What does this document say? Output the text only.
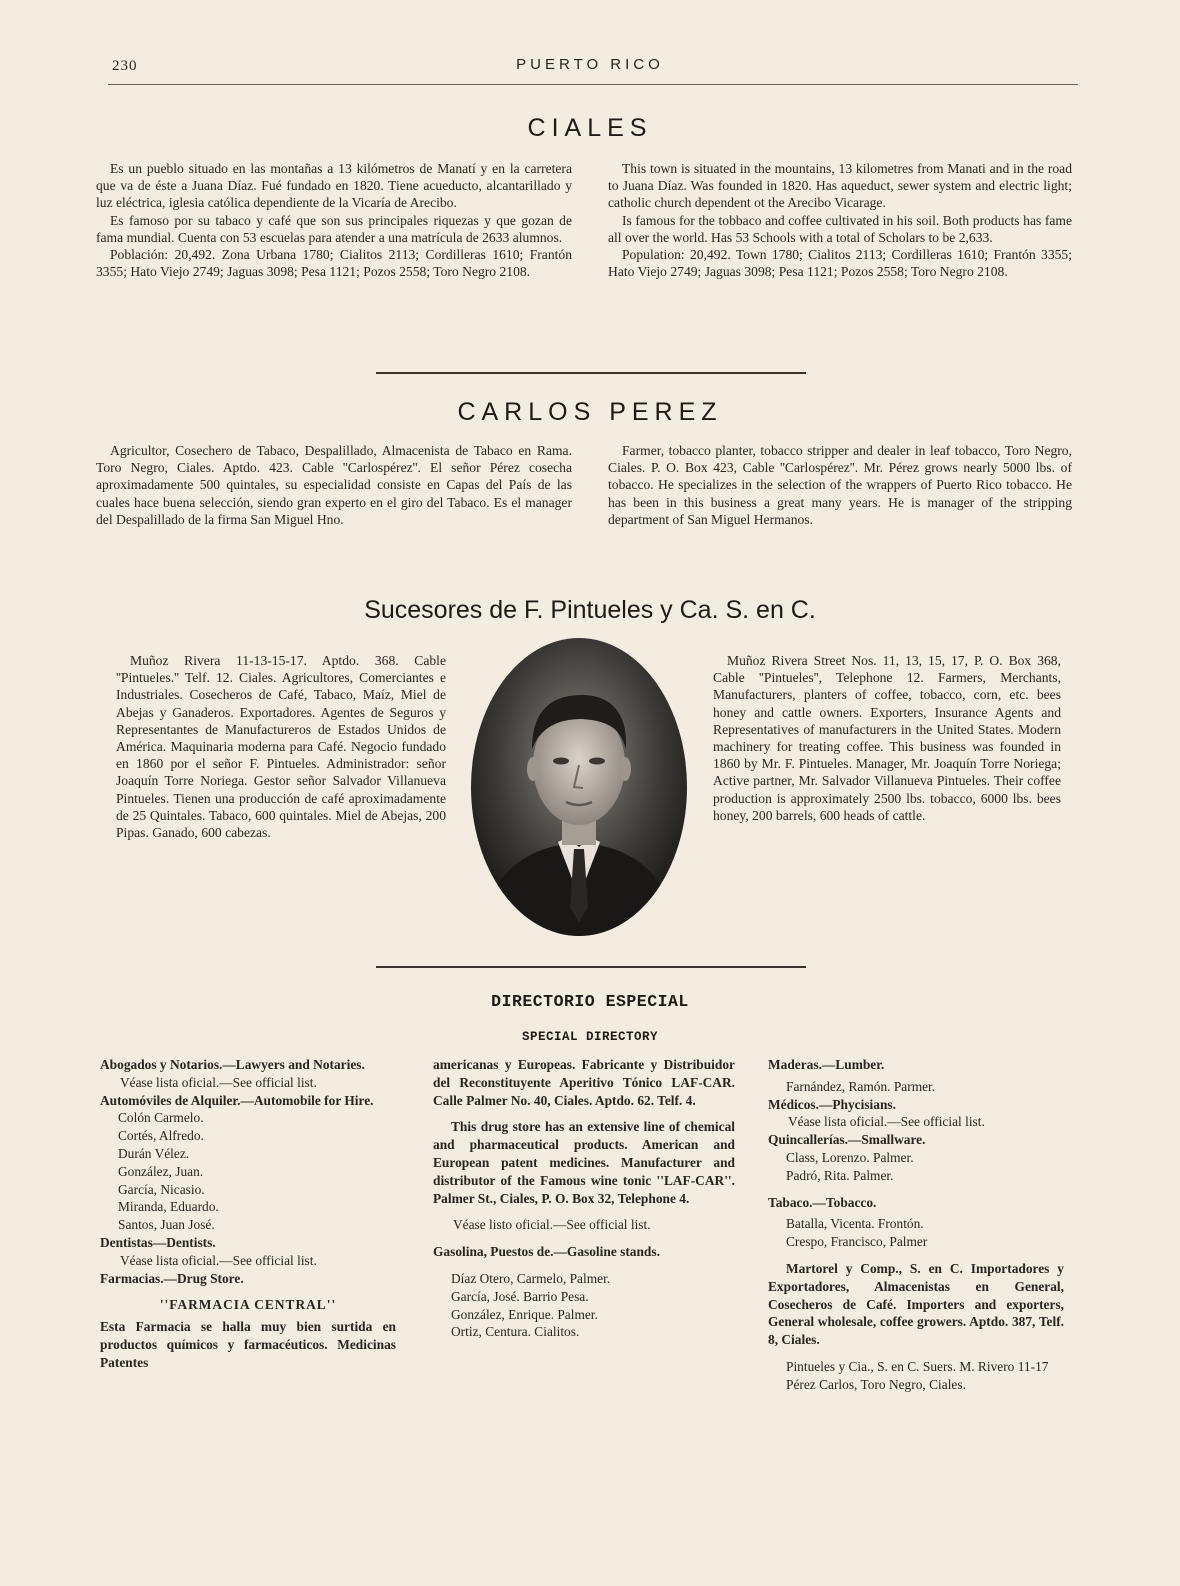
230	PUERTO RICO
CIALES

Es un pueblo situado en las montañas a 13 kilómetros de Manatí y en la carretera que va de éste a Juana Díaz. Fué fundado en 1820. Tiene acueducto, alcantarillado y luz eléctrica, iglesia católica dependiente de la Vicaría de Arecibo.

Es famoso por su tabaco y café que son sus principales riquezas y que gozan de fama mundial. Cuenta con 53 escuelas para atender a una matrícula de 2633 alumnos.

Población: 20,492. Zona Urbana 1780; Cialitos 2113; Cordilleras 1610; Frantón 3355; Hato Viejo 2749; Jaguas 3098; Pesa 1121; Pozos 2558; Toro Negro 2108.

This town is situated in the mountains, 13 kilometres from Manati and in the road to Juana Díaz. Was founded in 1820. Has aqueduct, sewer system and electric light; catholic church dependent ot the Arecibo Vicarage.

Is famous for the tobbaco and coffee cultivated in his soil. Both products has fame all over the world. Has 53 Schools with a total of Scholars to be 2,633.

Population: 20,492. Town 1780; Cialitos 2113; Cordilleras 1610; Frantón 3355; Hato Viejo 2749; Jaguas 3098; Pesa 1121; Pozos 2558; Toro Negro 2108.

CARLOS PEREZ

Agricultor, Cosechero de Tabaco, Despalillado, Almacenista de Tabaco en Rama. Toro Negro, Ciales. Aptdo. 423. Cable ''Carlospérez''. El señor Pérez cosecha aproximadamente 500 quintales, su especialidad consiste en Capas del País de las cuales hace buena selección, siendo gran experto en el giro del Tabaco. Es el manager del Despalillado de la firma San Miguel Hno.

Farmer, tobacco planter, tobacco stripper and dealer in leaf tobacco, Toro Negro, Ciales. P. O. Box 423, Cable ''Carlospérez''. Mr. Pérez grows nearly 5000 lbs. of tobacco. He specializes in the selection of the wrappers of Puerto Rico tobacco. He has been in this business a great many years. He is manager of the stripping department of San Miguel Hermanos.

Sucesores de F. Pintueles y Ca. S. en C.

Muñoz Rivera 11-13-15-17. Aptdo. 368. Cable ''Pintueles.'' Telf. 12. Ciales. Agricultores, Comerciantes e Industriales. Cosecheros de Café, Tabaco, Maíz, Miel de Abejas y Ganaderos. Exportadores. Agentes de Seguros y Representantes de Manufactureros de Estados Unidos de América. Maquinaria moderna para Café. Negocio fundado en 1860 por el señor F. Pintueles. Administrador: señor Joaquín Torre Noriega. Gestor señor Salvador Villanueva Pintueles. Tienen una producción de café aproximadamente de 25 Quintales. Tabaco, 600 quintales. Miel de Abejas, 200 Pipas. Ganado, 600 cabezas.

Muñoz Rivera Street Nos. 11, 13, 15, 17, P. O. Box 368, Cable ''Pintueles'', Telephone 12. Farmers, Merchants, Manufacturers, planters of coffee, tobacco, corn, etc. bees honey and cattle owners. Exporters, Insurance Agents and Representatives of manufacturers in the United States. Modern machinery for treating coffee. This business was founded in 1860 by Mr. F. Pintueles. Manager, Mr. Joaquín Torre Noriega; Active partner, Mr. Salvador Villanueva Pintueles. Their coffee production is approximately 2500 lbs. tobacco, 6000 lbs. bees honey, 200 barrels, 600 heads of cattle.

DIRECTORIO ESPECIAL
SPECIAL DIRECTORY
Abogados y Notarios.—Lawyers and Notaries.
Véase lista oficial.—See official list.
Automóviles de Alquiler.—Automobile for Hire.
Colón Carmelo.
Cortés, Alfredo.
Durán Vélez.
González, Juan.
García, Nicasio.
Miranda, Eduardo.
Santos, Juan José.
Dentistas—Dentists.
Véase lista oficial.—See official list.
Farmacias.—Drug Store.
''FARMACIA CENTRAL''
Esta Farmacia se halla muy bien surtida en productos químicos y farmacéuticos. Medicinas Patentes
americanas y Europeas. Fabricante y Distribuidor del Reconstituyente Aperitivo Tónico LAF-CAR. Calle Palmer No. 40, Ciales. Aptdo. 62. Telf. 4.
This drug store has an extensive line of chemical and pharmaceutical products. American and European patent medicines. Manufacturer and distributor of the Famous wine tonic ''LAF-CAR''. Palmer St., Ciales, P. O. Box 32, Telephone 4.
Véase listo oficial.—See official list.
Gasolina, Puestos de.—Gasoline stands.
Díaz Otero, Carmelo, Palmer.
García, José. Barrio Pesa.
González, Enrique. Palmer.
Ortiz, Centura. Cialitos.
Maderas.—Lumber.
Farnández, Ramón. Parmer.
Médicos.—Phycisians.
Véase lista oficial.—See official list.
Quincallerías.—Smallware.
Class, Lorenzo. Palmer.
Padró, Rita. Palmer.
Tabaco.—Tobacco.
Batalla, Vicenta. Frontón.
Crespo, Francisco, Palmer
Martorel y Comp., S. en C. Importadores y Exportadores, Almacenistas en General, Cosecheros de Café. Importers and exporters, General wholesale, coffee growers. Aptdo. 387, Telf. 8, Ciales.
Pintueles y Cia., S. en C. Suers. M. Rivero 11-17
Pérez Carlos, Toro Negro, Ciales.
